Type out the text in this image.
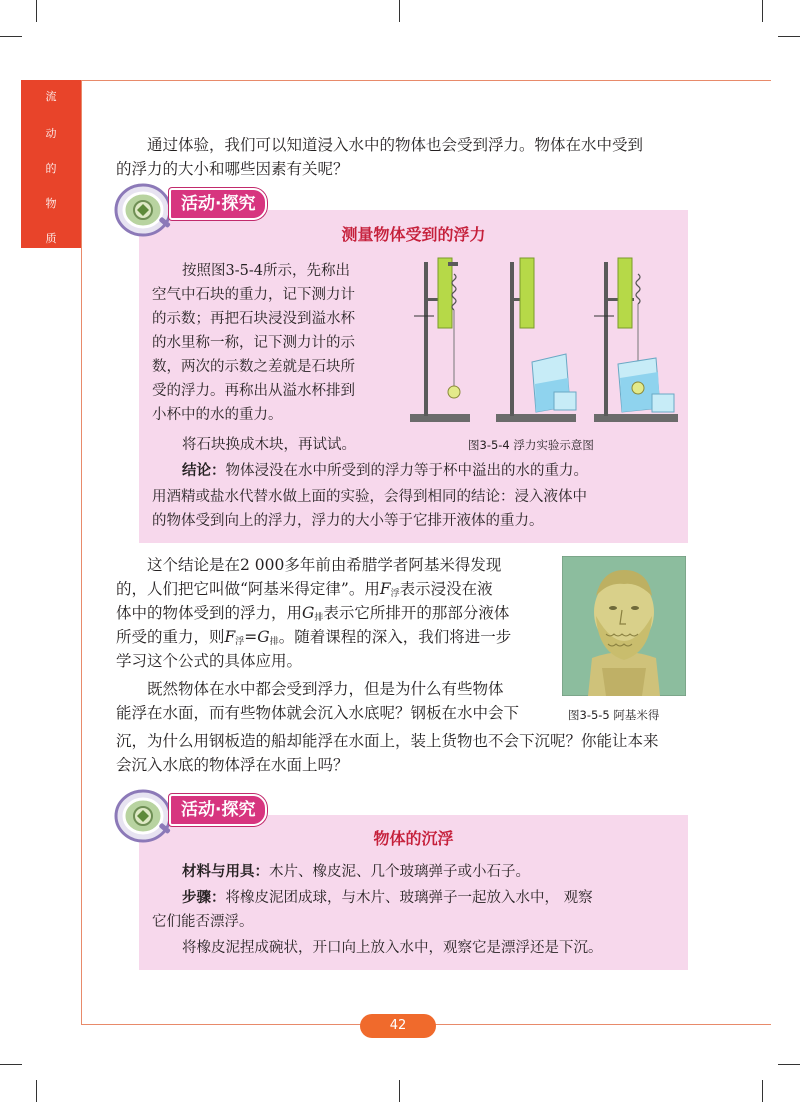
流
动
的
物
质
通过体验，我们可以知道浸入水中的物体也会受到浮力。物体在水中受到
的浮力的大小和哪些因素有关呢？
活动·探究
测量物体受到的浮力
按照图3-5-4所示，先称出
空气中石块的重力，记下测力计
的示数；再把石块浸没到溢水杯
的水里称一称，记下测力计的示
数，两次的示数之差就是石块所
受的浮力。再称出从溢水杯排到
小杯中的水的重力。
将石块换成木块，再试试。	图3-5-4 浮力实验示意图
结论：物体浸没在水中所受到的浮力等于杯中溢出的水的重力。
用酒精或盐水代替水做上面的实验，会得到相同的结论：浸入液体中
的物体受到向上的浮力，浮力的大小等于它排开液体的重力。
这个结论是在2 000多年前由希腊学者阿基米得发现
的，人们把它叫做“阿基米得定律”。用$F_浮$表示浸没在液
体中的物体受到的浮力，用$G_排$表示它所排开的那部分液体
所受的重力，则$F_浮=G_排$。随着课程的深入，我们将进一步
学习这个公式的具体应用。
既然物体在水中都会受到浮力，但是为什么有些物体
能浮在水面，而有些物体就会沉入水底呢？钢板在水中会下
沉，为什么用钢板造的船却能浮在水面上，装上货物也不会下沉呢？你能让本来
会沉入水底的物体浮在水面上吗？
图3-5-5 阿基米得
活动·探究
物体的沉浮
材料与用具：木片、橡皮泥、几个玻璃弹子或小石子。
步骤：将橡皮泥团成球，与木片、玻璃弹子一起放入水中， 观察
它们能否漂浮。
将橡皮泥捏成碗状，开口向上放入水中，观察它是漂浮还是下沉。
42
